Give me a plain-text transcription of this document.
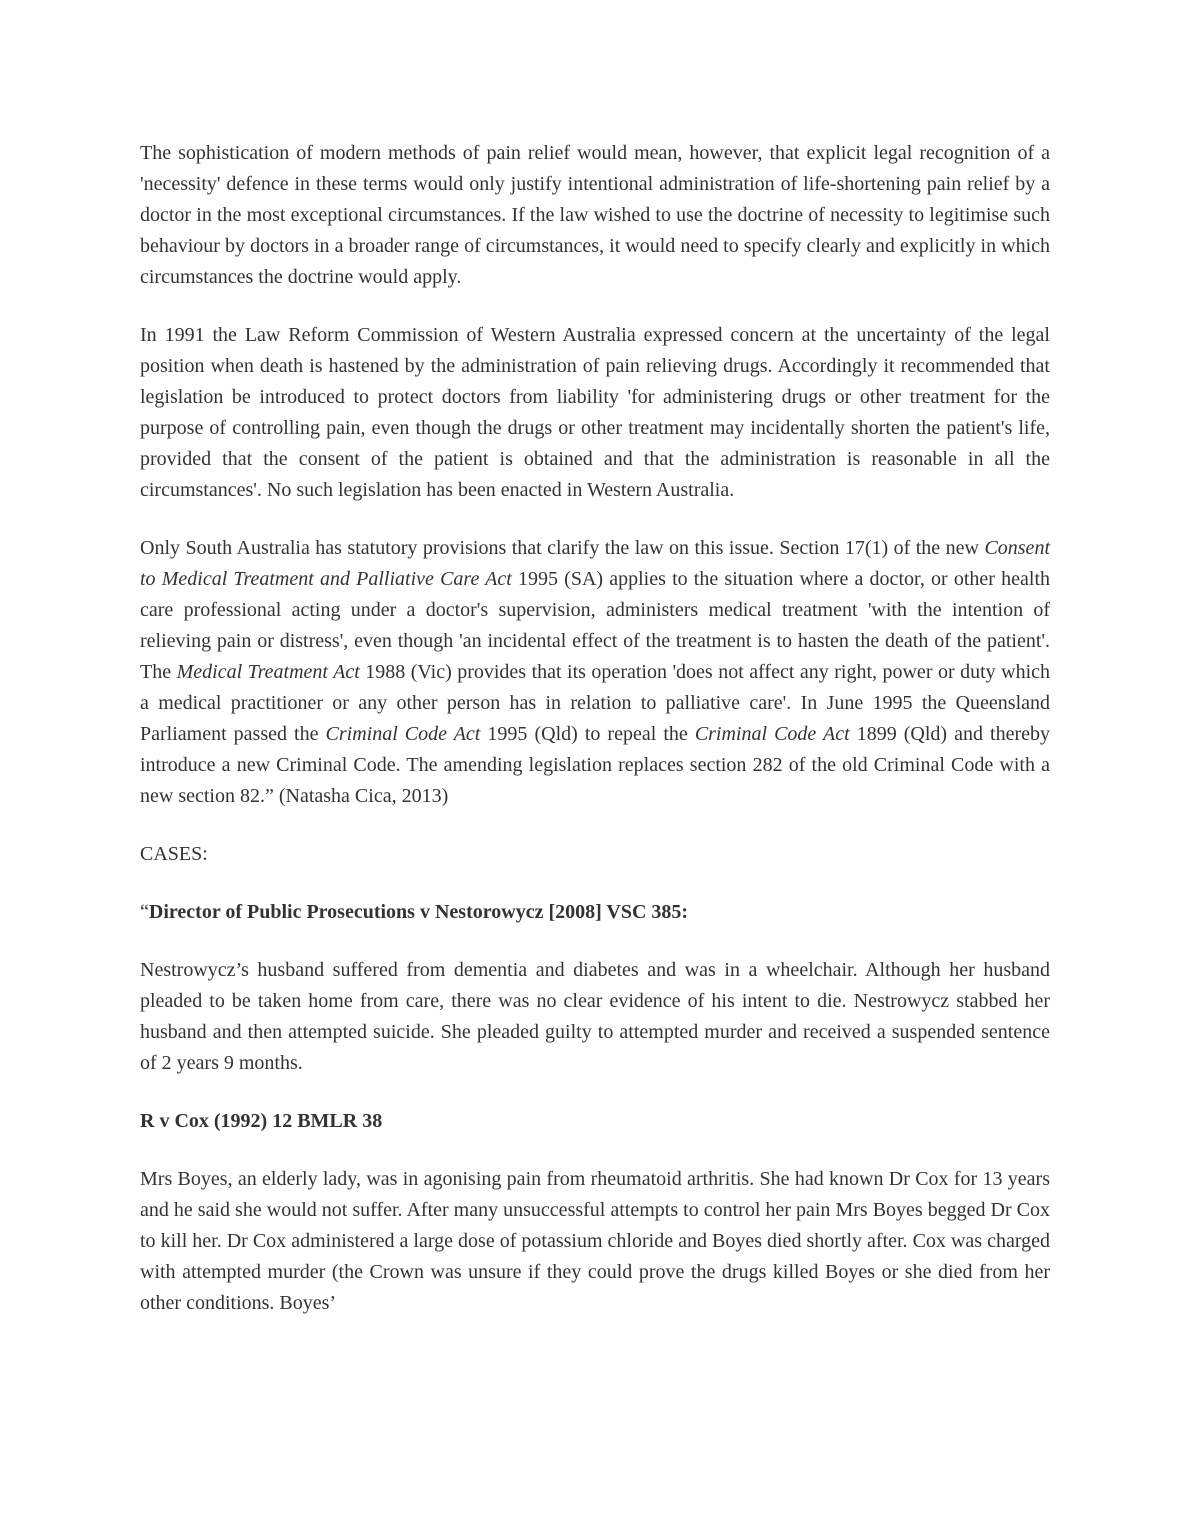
The sophistication of modern methods of pain relief would mean, however, that explicit legal recognition of a 'necessity' defence in these terms would only justify intentional administration of life-shortening pain relief by a doctor in the most exceptional circumstances. If the law wished to use the doctrine of necessity to legitimise such behaviour by doctors in a broader range of circumstances, it would need to specify clearly and explicitly in which circumstances the doctrine would apply.

In 1991 the Law Reform Commission of Western Australia expressed concern at the uncertainty of the legal position when death is hastened by the administration of pain relieving drugs. Accordingly it recommended that legislation be introduced to protect doctors from liability 'for administering drugs or other treatment for the purpose of controlling pain, even though the drugs or other treatment may incidentally shorten the patient's life, provided that the consent of the patient is obtained and that the administration is reasonable in all the circumstances'. No such legislation has been enacted in Western Australia.

Only South Australia has statutory provisions that clarify the law on this issue. Section 17(1) of the new Consent to Medical Treatment and Palliative Care Act 1995 (SA) applies to the situation where a doctor, or other health care professional acting under a doctor's supervision, administers medical treatment 'with the intention of relieving pain or distress', even though 'an incidental effect of the treatment is to hasten the death of the patient'. The Medical Treatment Act 1988 (Vic) provides that its operation 'does not affect any right, power or duty which a medical practitioner or any other person has in relation to palliative care'. In June 1995 the Queensland Parliament passed the Criminal Code Act 1995 (Qld) to repeal the Criminal Code Act 1899 (Qld) and thereby introduce a new Criminal Code. The amending legislation replaces section 282 of the old Criminal Code with a new section 82.” (Natasha Cica, 2013)

CASES:

“Director of Public Prosecutions v Nestorowycz [2008] VSC 385:

Nestrowycz’s husband suffered from dementia and diabetes and was in a wheelchair. Although her husband pleaded to be taken home from care, there was no clear evidence of his intent to die. Nestrowycz stabbed her husband and then attempted suicide. She pleaded guilty to attempted murder and received a suspended sentence of 2 years 9 months.

R v Cox (1992) 12 BMLR 38

Mrs Boyes, an elderly lady, was in agonising pain from rheumatoid arthritis. She had known Dr Cox for 13 years and he said she would not suffer. After many unsuccessful attempts to control her pain Mrs Boyes begged Dr Cox to kill her. Dr Cox administered a large dose of potassium chloride and Boyes died shortly after. Cox was charged with attempted murder (the Crown was unsure if they could prove the drugs killed Boyes or she died from her other conditions. Boyes’
